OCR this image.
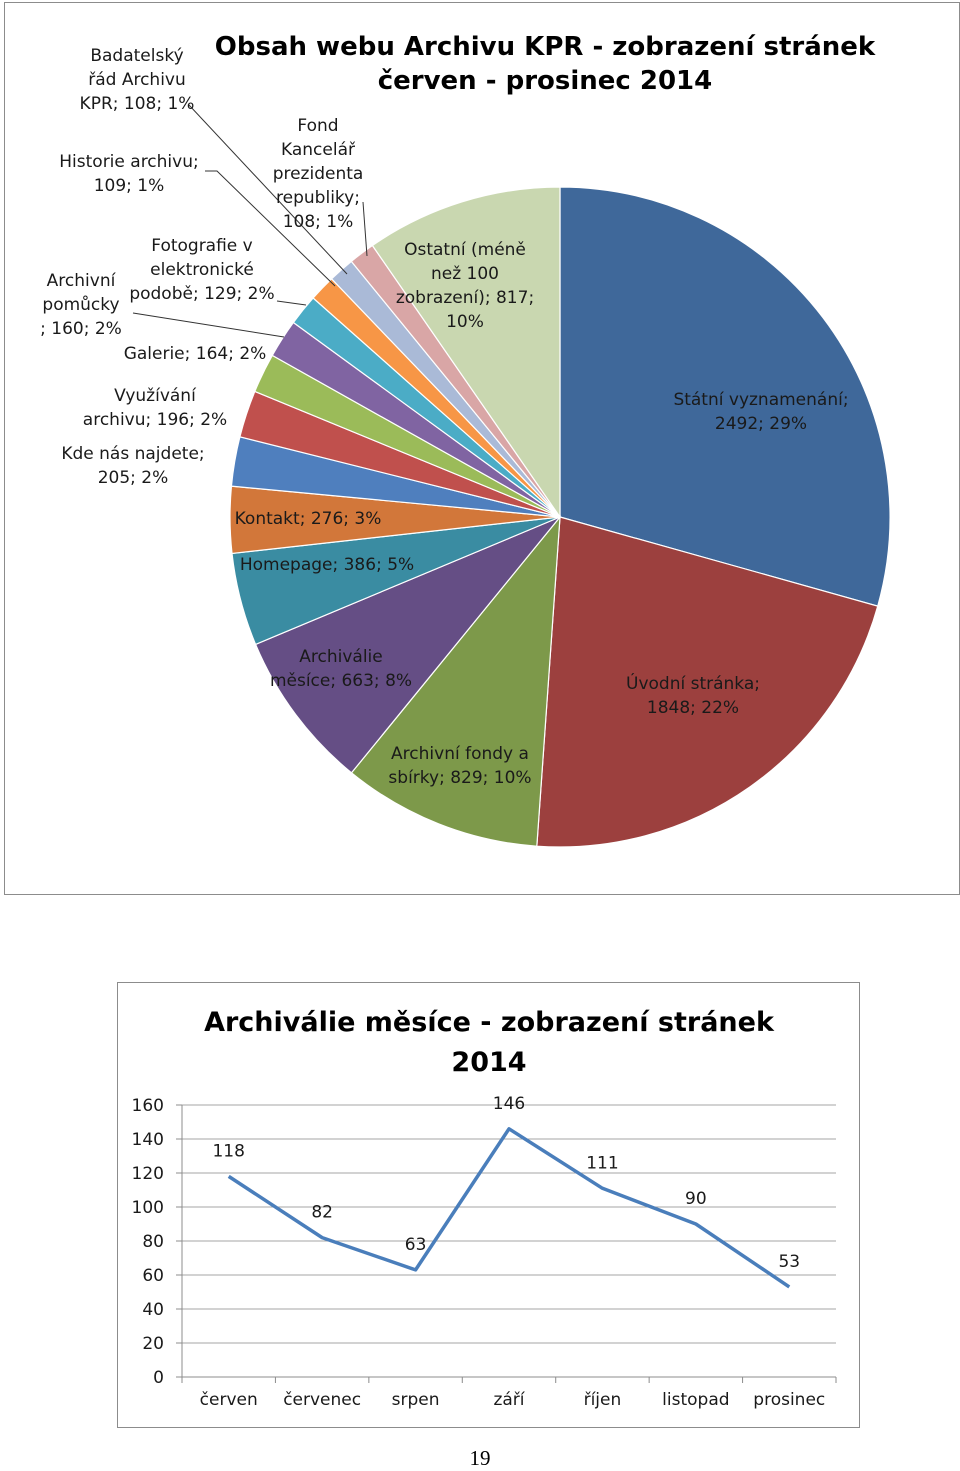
Obsah webu Archivu KPR - zobrazení stránek
červen - prosinec 2014
Státní vyznamenání; 2492; 29%
Úvodní stránka; 1848; 22%
Archivní fondy a sbírky; 829; 10%
Archiválie měsíce; 663; 8%
Homepage; 386; 5%
Kontakt; 276; 3%
Kde nás najdete; 205; 2%
Využívání archivu; 196; 2%
Galerie; 164; 2%
Archivní pomůcky ; 160; 2%
Fotografie v elektronické podobě; 129; 2%
Historie archivu; 109; 1%
Badatelský řád Archivu KPR; 108; 1%
Fond Kancelář prezidenta republiky; 108; 1%
Ostatní (méně než 100 zobrazení); 817; 10%
Archiválie měsíce - zobrazení stránek
2014
0
20
40
60
80
100
120
140
160
červen červenec srpen	září	říjen listopad prosinec
118
82
63
146
111
90
53
19
